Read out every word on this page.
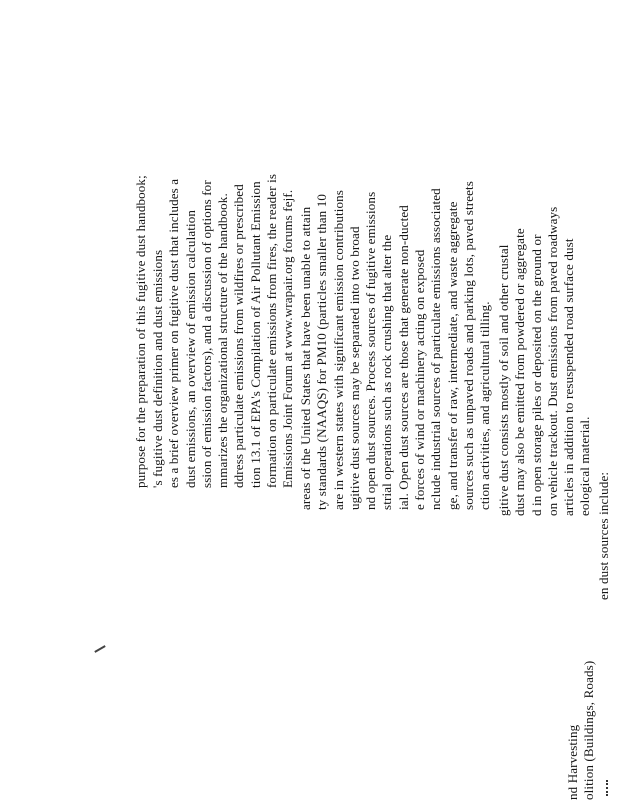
purpose for the preparation of this fugitive dust handbook; 's fugitive dust definition and dust emissions es a brief overview primer on fugitive dust that includes a dust emissions, an overview of emission calculation ssion of emission factors), and a discussion of options for mmarizes the organizational structure of the handbook. ddress particulate emissions from wildfires or prescribed tion 13.1 of EPA's Compilation of Air Pollutant Emission formation on particulate emissions from fires, the reader is Emissions Joint Forum at www.wrapair.org forums fejf. areas of the United States that have been unable to attain ty standards (NAAQS) for PM10 (particles smaller than 10 are in western states with significant emission contributions ugitive dust sources may be separated into two broad nd open dust sources. Process sources of fugitive emissions strial operations such as rock crushing that alter the ial. Open dust sources are those that generate non-ducted e forces of wind or machinery acting on exposed nclude industrial sources of particulate emissions associated ge, and transfer of raw, intermediate, and waste aggregate sources such as unpaved roads and parking lots, paved streets ction activities, and agricultural tilling. gitive dust consists mostly of soil and other crustal dust may also be emitted from powdered or aggregate d in open storage piles or deposited on the ground or on vehicle trackout. Dust emissions from paved roadways articles in addition to resuspended road surface dust eological material.
en dust sources include:
nd Harvesting olition (Buildings, Roads)
